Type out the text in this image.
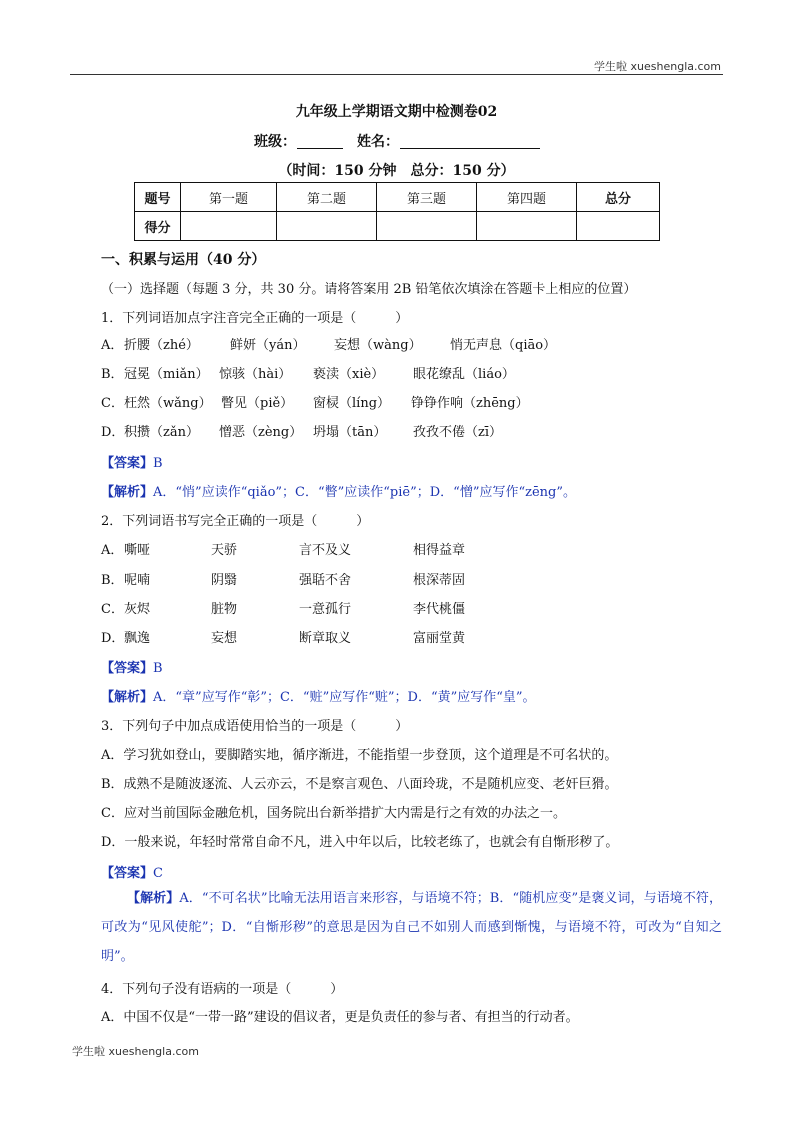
学生啦 xueshengla.com
九年级上学期语文期中检测卷02
班级：	姓名：
（时间：150 分钟　总分：150 分）
题号	第一题	第二题	第三题	第四题	总分
得分					
一、积累与运用（40 分）
（一）选择题（每题 3 分，共 30 分。请将答案用 2B 铅笔依次填涂在答题卡上相应的位置）
1．下列词语加点字注音完全正确的一项是（　　　）
A． 折腰（zhé） 鲜妍（yán） 妄想（wàng） 悄无声息（qiāo）
B． 冠冕（miǎn） 惊骇（hài） 亵渎（xiè） 眼花缭乱（liáo）
C． 枉然（wǎng） 瞥见（piě） 窗棂（líng） 铮铮作响（zhēng）
D． 积攒（zǎn） 憎恶（zèng） 坍塌（tān） 孜孜不倦（zī）
【答案】B
【解析】A．“悄”应读作“qiǎo”；C．“瞥”应读作“piē”；D．“憎”应写作“zēng”。
2．下列词语书写完全正确的一项是（　　　）
A． 嘶哑	天骄	言不及义	相得益章
B． 呢喃	阴翳	强聒不舍	根深蒂固
C． 灰烬	脏物	一意孤行	李代桃僵
D． 飘逸	妄想	断章取义	富丽堂黄
【答案】B
【解析】A．“章”应写作“彰”；C．“赃”应写作“赃”；D．“黄”应写作“皇”。
3．下列句子中加点成语使用恰当的一项是（　　　）
A．学习犹如登山，要脚踏实地，循序渐进，不能指望一步登顶，这个道理是不可名状的。
B．成熟不是随波逐流、人云亦云，不是察言观色、八面玲珑，不是随机应变、老奸巨猾。
C．应对当前国际金融危机，国务院出台新举措扩大内需是行之有效的办法之一。
D．一般来说，年轻时常常自命不凡，进入中年以后，比较老练了，也就会有自惭形秽了。
【答案】C
【解析】A．“不可名状”比喻无法用语言来形容，与语境不符；B．“随机应变”是褒义词，与语境不符，可改为“见风使舵”；D．“自惭形秽”的意思是因为自己不如别人而感到惭愧，与语境不符，可改为“自知之明”。
4．下列句子没有语病的一项是（　　　）
A．中国不仅是“一带一路”建设的倡议者，更是负责任的参与者、有担当的行动者。
学生啦 xueshengla.com
